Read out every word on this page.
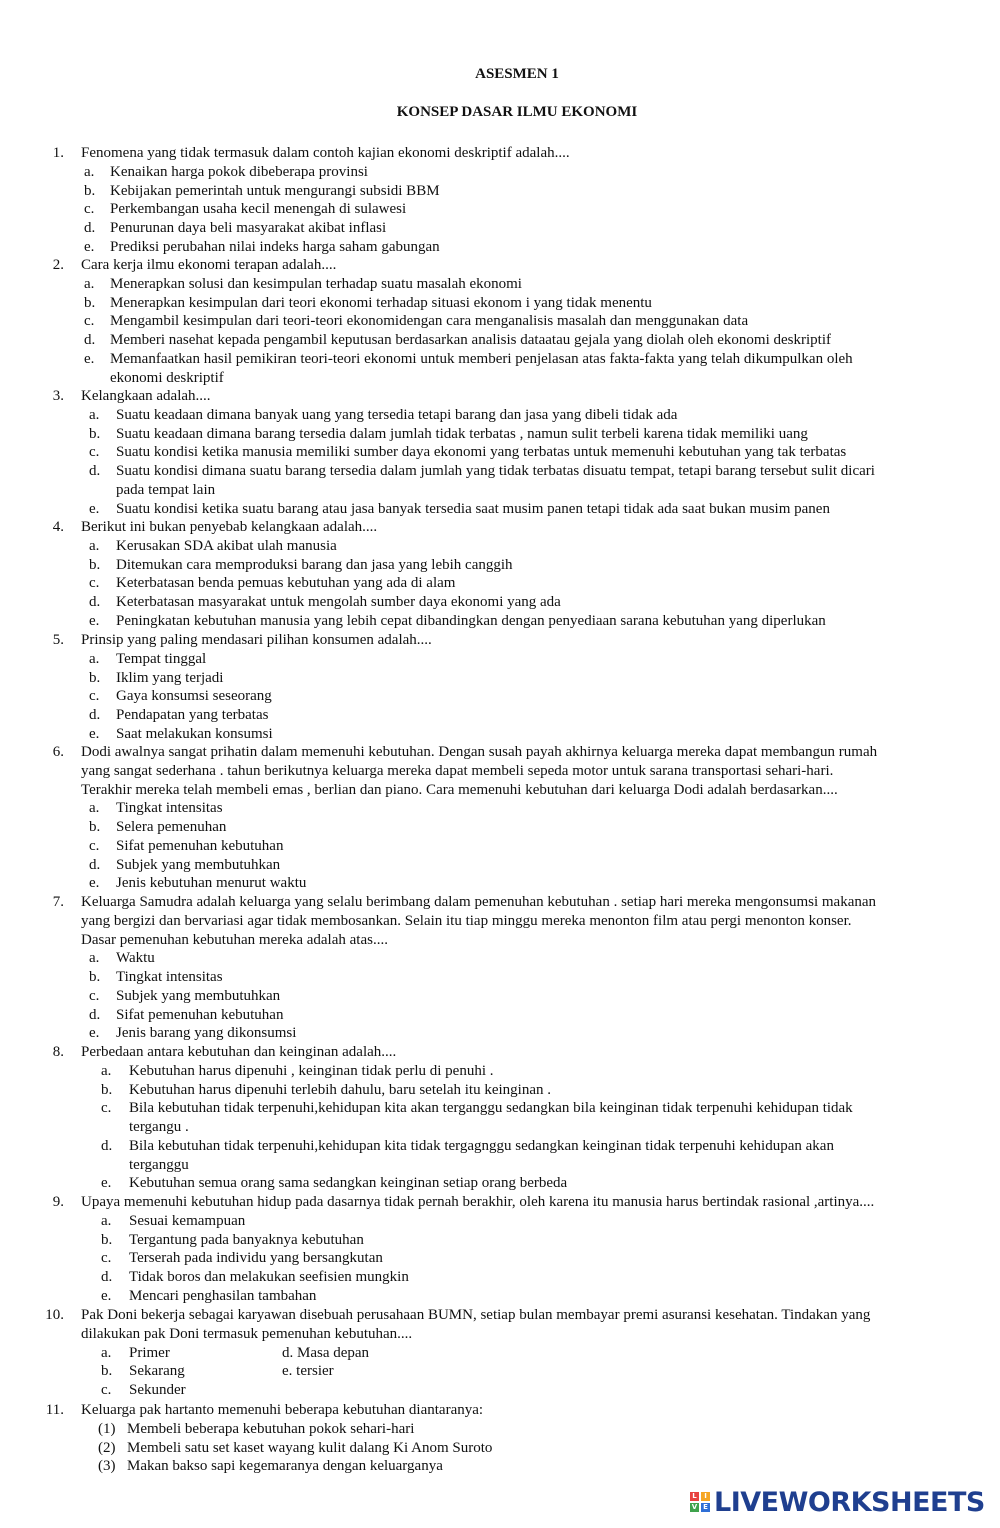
ASESMEN 1
KONSEP DASAR ILMU EKONOMI
1. Fenomena yang tidak termasuk dalam contoh kajian ekonomi deskriptif adalah....
a. Kenaikan harga pokok dibeberapa provinsi
b. Kebijakan pemerintah untuk mengurangi subsidi BBM
c. Perkembangan usaha kecil menengah di sulawesi
d. Penurunan daya beli masyarakat akibat inflasi
e. Prediksi perubahan nilai indeks harga saham gabungan
2. Cara kerja ilmu ekonomi terapan adalah....
a. Menerapkan solusi dan kesimpulan terhadap suatu masalah ekonomi
b. Menerapkan kesimpulan dari teori ekonomi terhadap situasi ekonom i yang tidak menentu
c. Mengambil kesimpulan dari teori-teori ekonomidengan cara menganalisis masalah dan menggunakan data
d. Memberi nasehat kepada pengambil keputusan berdasarkan analisis dataatau gejala yang diolah oleh ekonomi deskriptif
e. Memanfaatkan hasil pemikiran teori-teori ekonomi untuk memberi penjelasan atas fakta-fakta yang telah dikumpulkan oleh
ekonomi deskriptif
3. Kelangkaan adalah....
a. Suatu keadaan dimana banyak uang yang tersedia tetapi barang dan jasa yang dibeli tidak ada
b. Suatu keadaan dimana barang tersedia dalam jumlah tidak terbatas , namun sulit terbeli karena tidak memiliki uang
c. Suatu kondisi ketika manusia memiliki sumber daya ekonomi yang terbatas untuk memenuhi kebutuhan yang tak terbatas
d. Suatu kondisi dimana suatu barang tersedia dalam jumlah yang tidak terbatas disuatu tempat, tetapi barang tersebut sulit dicari
pada tempat lain
e. Suatu kondisi ketika suatu barang atau jasa banyak tersedia saat musim panen tetapi tidak ada saat bukan musim panen
4. Berikut ini bukan penyebab kelangkaan adalah....
a. Kerusakan SDA akibat ulah manusia
b. Ditemukan cara memproduksi barang dan jasa yang lebih canggih
c. Keterbatasan benda pemuas kebutuhan yang ada di alam
d. Keterbatasan masyarakat untuk mengolah sumber daya ekonomi yang ada
e. Peningkatan kebutuhan manusia yang lebih cepat dibandingkan dengan penyediaan sarana kebutuhan yang diperlukan
5. Prinsip yang paling mendasari pilihan konsumen adalah....
a. Tempat tinggal
b. Iklim yang terjadi
c. Gaya konsumsi seseorang
d. Pendapatan yang terbatas
e. Saat melakukan konsumsi
6. Dodi awalnya sangat prihatin dalam memenuhi kebutuhan. Dengan susah payah akhirnya keluarga mereka dapat membangun rumah
yang sangat sederhana . tahun berikutnya keluarga mereka dapat membeli sepeda motor untuk sarana transportasi sehari-hari.
Terakhir mereka telah membeli emas , berlian dan piano. Cara memenuhi kebutuhan dari keluarga Dodi adalah berdasarkan....
a. Tingkat intensitas
b. Selera pemenuhan
c. Sifat pemenuhan kebutuhan
d. Subjek yang membutuhkan
e. Jenis kebutuhan menurut waktu
7. Keluarga Samudra adalah keluarga yang selalu berimbang dalam pemenuhan kebutuhan . setiap hari mereka mengonsumsi makanan
yang bergizi dan bervariasi agar tidak membosankan. Selain itu tiap minggu mereka menonton film atau pergi menonton konser.
Dasar pemenuhan kebutuhan mereka adalah atas....
a. Waktu
b. Tingkat intensitas
c. Subjek yang membutuhkan
d. Sifat pemenuhan kebutuhan
e. Jenis barang yang dikonsumsi
8. Perbedaan antara kebutuhan dan keinginan adalah....
a. Kebutuhan harus dipenuhi , keinginan tidak perlu di penuhi .
b. Kebutuhan harus dipenuhi terlebih dahulu, baru setelah itu keinginan .
c. Bila kebutuhan tidak terpenuhi,kehidupan kita akan terganggu sedangkan bila keinginan tidak terpenuhi kehidupan tidak
tergangu .
d. Bila kebutuhan tidak terpenuhi,kehidupan kita tidak tergagnggu sedangkan keinginan tidak terpenuhi kehidupan akan
terganggu
e. Kebutuhan semua orang sama sedangkan keinginan setiap orang berbeda
9. Upaya memenuhi kebutuhan hidup pada dasarnya tidak pernah berakhir, oleh karena itu manusia harus bertindak rasional ,artinya....
a. Sesuai kemampuan
b. Tergantung pada banyaknya kebutuhan
c. Terserah pada individu yang bersangkutan
d. Tidak boros dan melakukan seefisien mungkin
e. Mencari penghasilan tambahan
10. Pak Doni bekerja sebagai karyawan disebuah perusahaan BUMN, setiap bulan membayar premi asuransi kesehatan. Tindakan yang
dilakukan pak Doni termasuk pemenuhan kebutuhan....
a. Primer	d. Masa depan
b. Sekarang	e. tersier
c. Sekunder
11. Keluarga pak hartanto memenuhi beberapa kebutuhan diantaranya:
(1) Membeli beberapa kebutuhan pokok sehari-hari
(2) Membeli satu set kaset wayang kulit dalang Ki Anom Suroto
(3) Makan bakso sapi kegemaranya dengan keluarganya
L	I
V E LIVEWORKSHEETS
